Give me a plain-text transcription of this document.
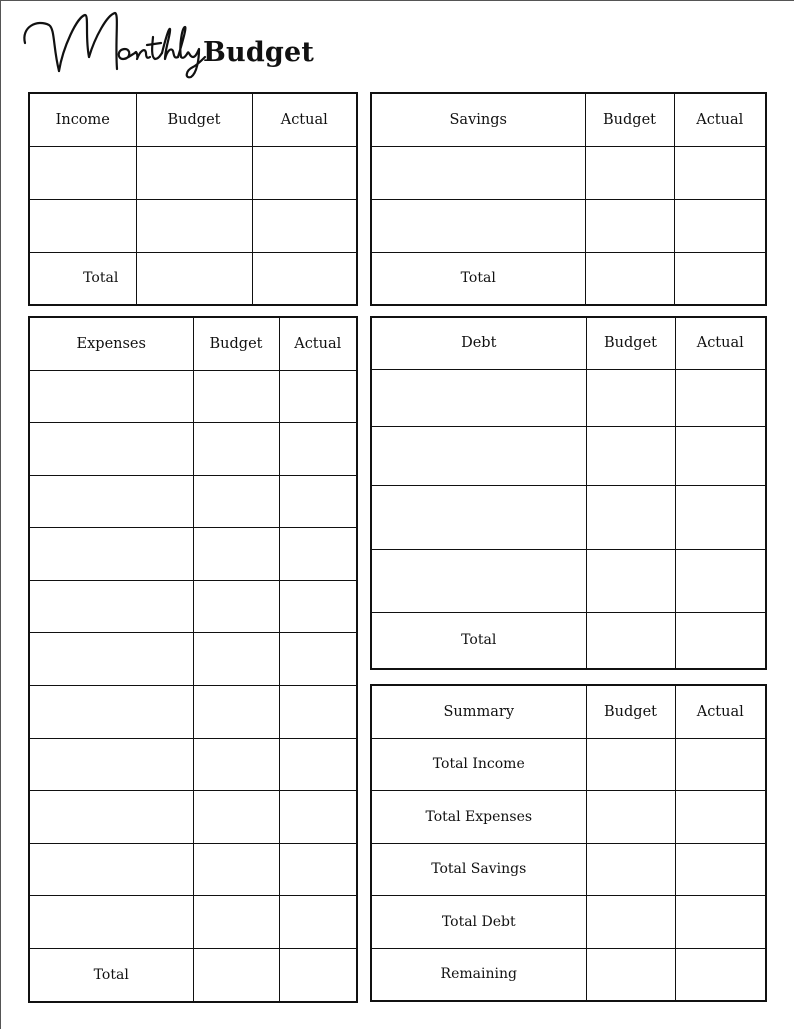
Budget
Income	Budget	Actual

Total		
Savings	Budget	Actual

Total		
Expenses	Budget	Actual

Total		
Debt	Budget	Actual

Total		
Summary	Budget	Actual
Total Income		
Total Expenses		
Total Savings		
Total Debt		
Remaining		
